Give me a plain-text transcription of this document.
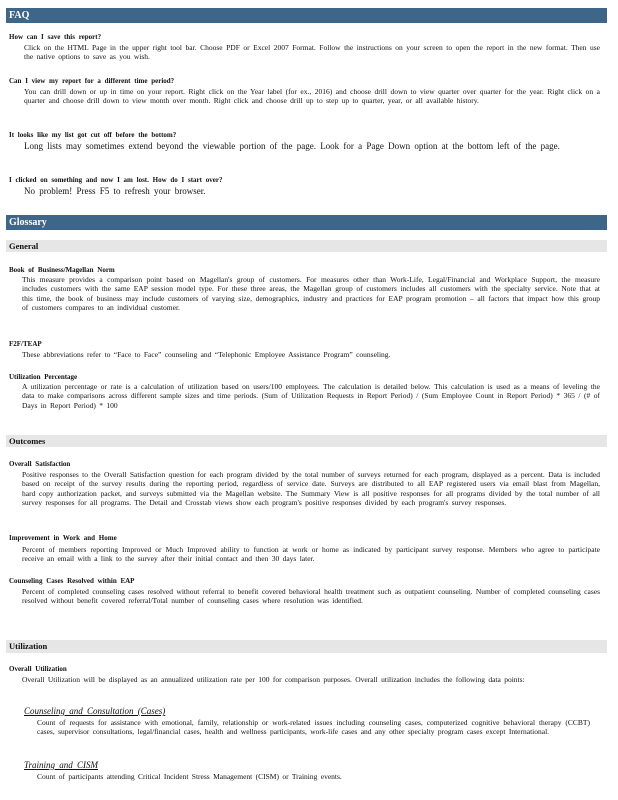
FAQ
How can I save this report?
Click on the HTML Page in the upper right tool bar. Choose PDF or Excel 2007 Format. Follow the instructions on your screen to open the report in the new format. Then use the native options to save as you wish.
Can I view my report for a different time period?
You can drill down or up in time on your report. Right click on the Year label (for ex., 2016) and choose drill down to view quarter over quarter for the year. Right click on a quarter and choose drill down to view month over month. Right click and choose drill up to step up to quarter, year, or all available history.
It looks like my list got cut off before the bottom?
Long lists may sometimes extend beyond the viewable portion of the page. Look for a Page Down option at the bottom left of the page.
I clicked on something and now I am lost. How do I start over?
No problem! Press F5 to refresh your browser.
Glossary
General
Book of Business/Magellan Norm
This measure provides a comparison point based on Magellan's group of customers. For measures other than Work-Life, Legal/Financial and Workplace Support, the measure includes customers with the same EAP session model type. For these three areas, the Magellan group of customers includes all customers with the specialty service. Note that at this time, the book of business may include customers of varying size, demographics, industry and practices for EAP program promotion – all factors that impact how this group of customers compares to an individual customer.
F2F/TEAP
These abbreviations refer to “Face to Face” counseling and “Telephonic Employee Assistance Program” counseling.
Utilization Percentage
A utilization percentage or rate is a calculation of utilization based on users/100 employees. The calculation is detailed below. This calculation is used as a means of leveling the data to make comparisons across different sample sizes and time periods. (Sum of Utilization Requests in Report Period) / (Sum Employee Count in Report Period) * 365 / (# of Days in Report Period) * 100
Outcomes
Overall Satisfaction
Positive responses to the Overall Satisfaction question for each program divided by the total number of surveys returned for each program, displayed as a percent. Data is included based on receipt of the survey results during the reporting period, regardless of service date. Surveys are distributed to all EAP registered users via email blast from Magellan, hard copy authorization packet, and surveys submitted via the Magellan website. The Summary View is all positive responses for all programs divided by the total number of all survey responses for all programs. The Detail and Crosstab views show each program's positive responses divided by each program's survey responses.
Improvement in Work and Home
Percent of members reporting Improved or Much Improved ability to function at work or home as indicated by participant survey response. Members who agree to participate receive an email with a link to the survey after their initial contact and then 30 days later.
Counseling Cases Resolved within EAP
Percent of completed counseling cases resolved without referral to benefit covered behavioral health treatment such as outpatient counseling. Number of completed counseling cases resolved without benefit covered referral/Total number of counseling cases where resolution was identified.
Utilization
Overall Utilization
Overall Utilization will be displayed as an annualized utilization rate per 100 for comparison purposes. Overall utilization includes the following data points:
Counseling and Consultation (Cases)
Count of requests for assistance with emotional, family, relationship or work-related issues including counseling cases, computerized cognitive behavioral therapy (CCBT) cases, supervisor consultations, legal/financial cases, health and wellness participants, work-life cases and any other specialty program cases except International.
Training and CISM
Count of participants attending Critical Incident Stress Management (CISM) or Training events.
